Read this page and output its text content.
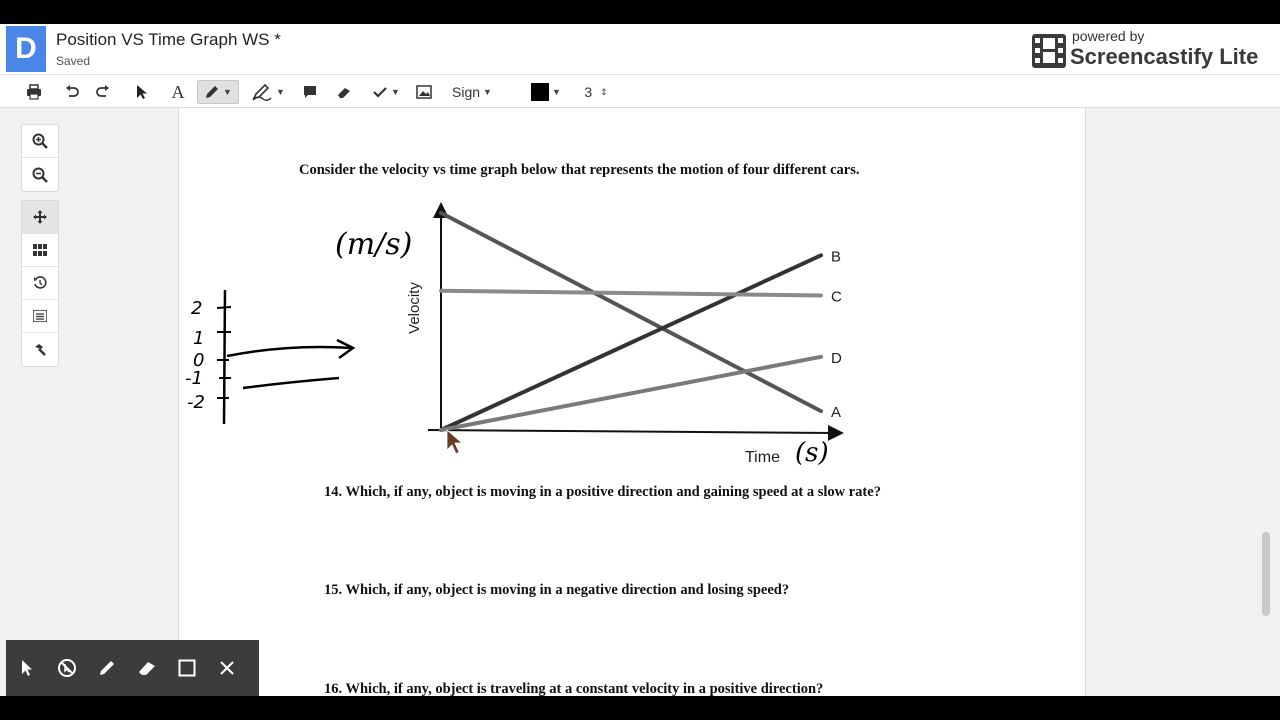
D	Position VS Time Graph WS *
Saved
powered by
Screencastify Lite
A	▼	▼	▼	Sign ▼	▼ 3 ⇕
Consider the velocity vs time graph below that represents the motion of four different cars.
Velocity
Time
A
B
C
D
(m/s)
(s)
2
1
0
-1
-2
14. Which, if any, object is moving in a positive direction and gaining speed at a slow rate?
15. Which, if any, object is moving in a negative direction and losing speed?
16. Which, if any, object is traveling at a constant velocity in a positive direction?
